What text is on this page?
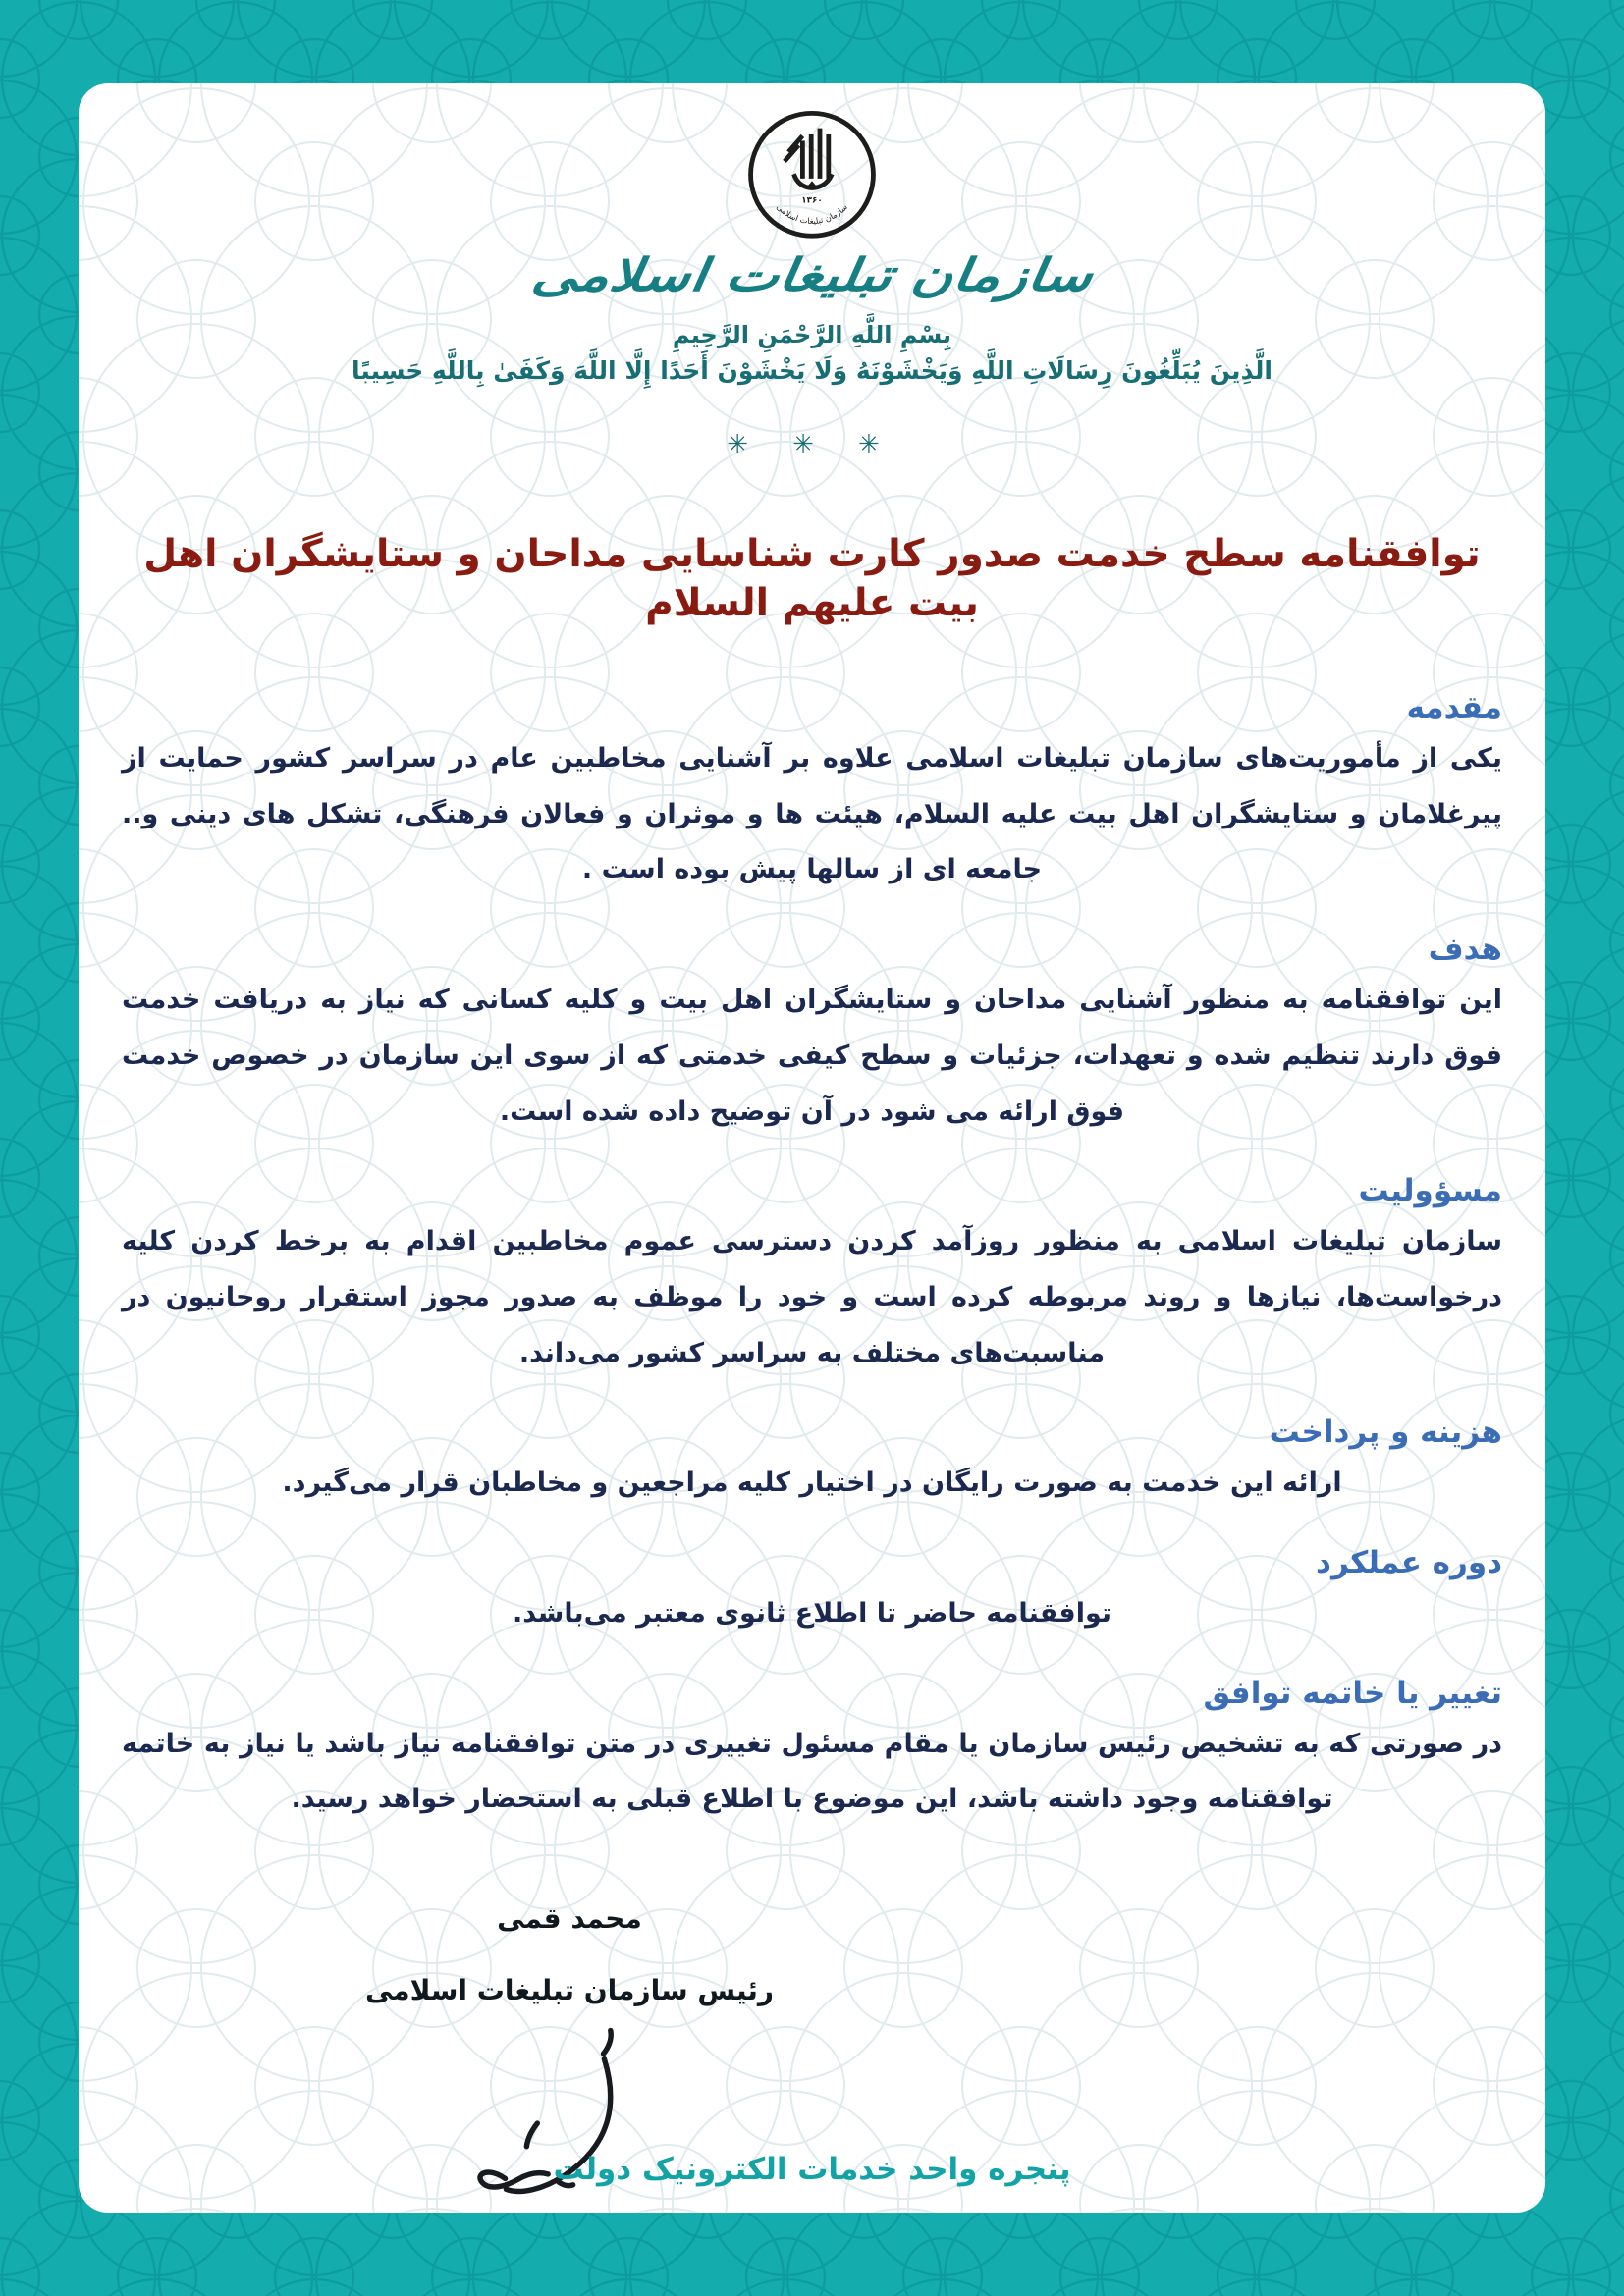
۱۳۶۰
سازمان تبلیغات اسلامی
سازمان تبلیغات اسلامی
بِسْمِ اللَّهِ الرَّحْمَنِ الرَّحِيمِ
الَّذِينَ يُبَلِّغُونَ رِسَالَاتِ اللَّهِ وَيَخْشَوْنَهُ وَلَا يَخْشَوْنَ أَحَدًا إِلَّا اللَّهَ وَكَفَىٰ بِاللَّهِ حَسِيبًا
✳ ✳ ✳
توافقنامه سطح خدمت صدور کارت شناسایی مداحان و ستایشگران اهل بیت علیهم السلام
مقدمه

یکی از مأموریت‌های سازمان تبلیغات اسلامی علاوه بر آشنایی مخاطبین عام در سراسر کشور حمایت از پیرغلامان و ستایشگران اهل بیت علیه السلام، هیئت ها و موثران و فعالان فرهنگی، تشکل های دینی و.. جامعه ای از سالها پیش بوده است .

هدف

این توافقنامه به منظور آشنایی مداحان و ستایشگران اهل بیت و کلیه کسانی که نیاز به دریافت خدمت فوق دارند تنظیم شده و تعهدات، جزئیات و سطح کیفی خدمتی که از سوی این سازمان در خصوص خدمت فوق ارائه می شود در آن توضیح داده شده است.

مسؤولیت

سازمان تبلیغات اسلامی به منظور روزآمد کردن دسترسی عموم مخاطبین اقدام به برخط کردن کلیه درخواست‌ها، نیازها و روند مربوطه کرده است و خود را موظف به صدور مجوز استقرار روحانیون در مناسبت‌های مختلف به سراسر کشور می‌داند.

هزینه و پرداخت

ارائه این خدمت به صورت رایگان در اختیار کلیه مراجعین و مخاطبان قرار می‌گیرد.

دوره عملکرد

توافقنامه حاضر تا اطلاع ثانوی معتبر می‌باشد.

تغییر یا خاتمه توافق

در صورتی که به تشخیص رئیس سازمان یا مقام مسئول تغییری در متن توافقنامه نیاز باشد یا نیاز به خاتمه توافقنامه وجود داشته باشد، این موضوع با اطلاع قبلی به استحضار خواهد رسید.

محمد قمی
رئیس سازمان تبلیغات اسلامی
پنجره واحد خدمات الکترونیک دولت
